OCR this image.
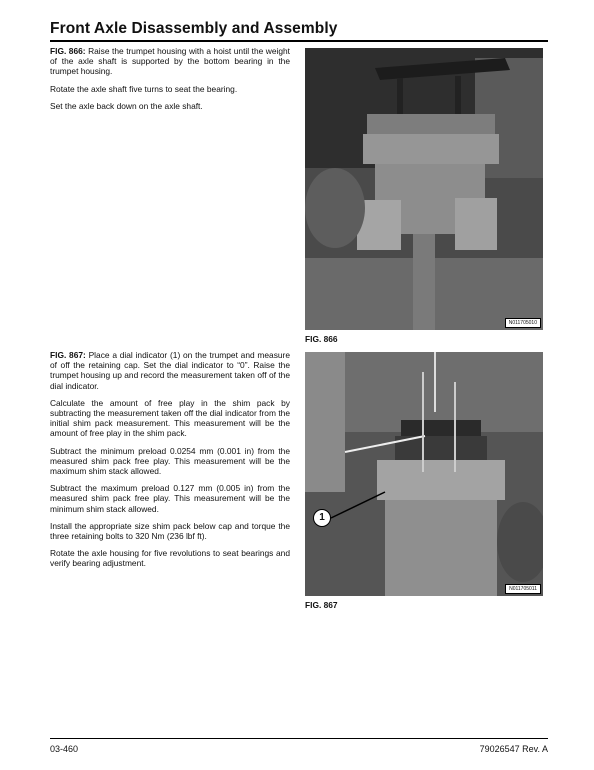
Front Axle Disassembly and Assembly

FIG. 866: Raise the trumpet housing with a hoist until the weight of the axle shaft is supported by the bottom bearing in the trumpet housing.

Rotate the axle shaft five turns to seat the bearing.

Set the axle back down on the axle shaft.

N011705010
FIG. 866

FIG. 867: Place a dial indicator (1) on the trumpet and measure of off the retaining cap. Set the dial indicator to “0”. Raise the trumpet housing up and record the measurement taken off of the dial indicator.

Calculate the amount of free play in the shim pack by subtracting the measurement taken off the dial indicator from the initial shim pack measurement. This measurement will be the amount of free play in the shim pack.

Subtract the minimum preload 0.0254 mm (0.001 in) from the measured shim pack free play. This measurement will be the maximum shim stack allowed.

Subtract the maximum preload 0.127 mm (0.005 in) from the measured shim pack free play. This measurement will be the minimum shim stack allowed.

Install the appropriate size shim pack below cap and torque the three retaining bolts to 320 Nm (236 lbf ft).

Rotate the axle housing for five revolutions to seat bearings and verify bearing adjustment.

1
N011705011
FIG. 867
03-460	79026547 Rev. A
